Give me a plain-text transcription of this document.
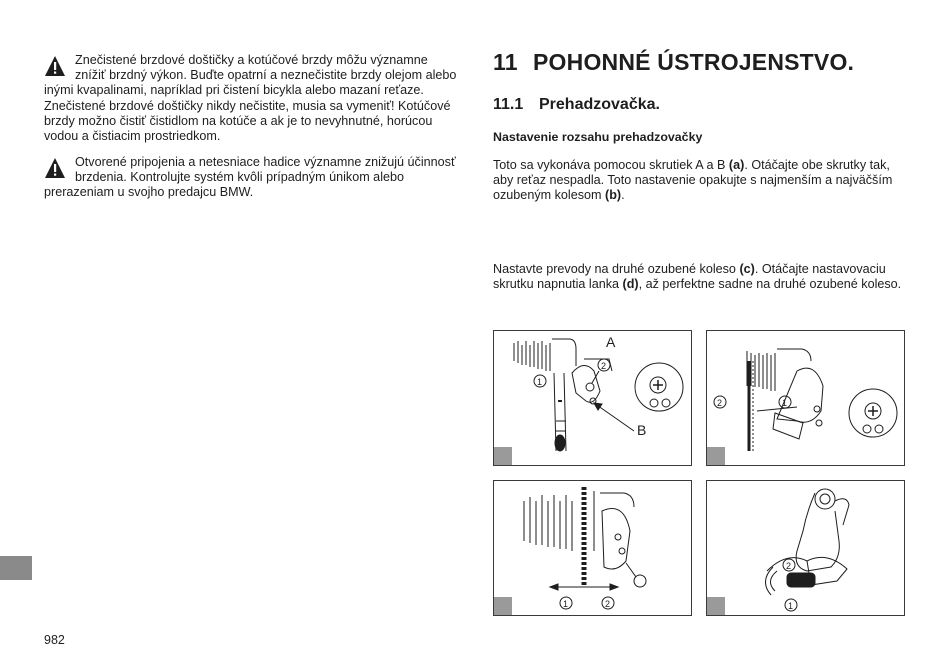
Znečistené brzdové doštičky a kotúčové brzdy môžu významne znížiť brzdný výkon. Buďte opatrní a neznečistite brzdy olejom alebo inými kvapalinami, napríklad pri čistení bicykla alebo mazaní reťaze. Znečistené brzdové doštičky nikdy nečistite, musia sa vymeniť! Kotúčové brzdy možno čistiť čistidlom na kotúče a ak je to nevyhnutné, horúcou vodou a čistiacim prostriedkom.

Otvorené pripojenia a netesniace hadice významne znižujú účinnosť brzdenia. Kontrolujte systém kvôli prípadným únikom alebo prerazeniam u svojho predajcu BMW.

11 POHONNÉ ÚSTROJENSTVO.
11.1 Prehadzovačka.
Nastavenie rozsahu prehadzovačky

Toto sa vykonáva pomocou skrutiek A a B (a). Otáčajte obe skrutky tak, aby reťaz nespadla. Toto nastavenie opakujte s najmenším a najväčším ozubeným kolesom (b).

Nastavte prevody na druhé ozubené koleso (c). Otáčajte nastavovaciu skrutku napnutia lanka (d), až perfektne sadne na druhé ozubené koleso.

A
B
1
2
2	1
1	2
2
1
982
